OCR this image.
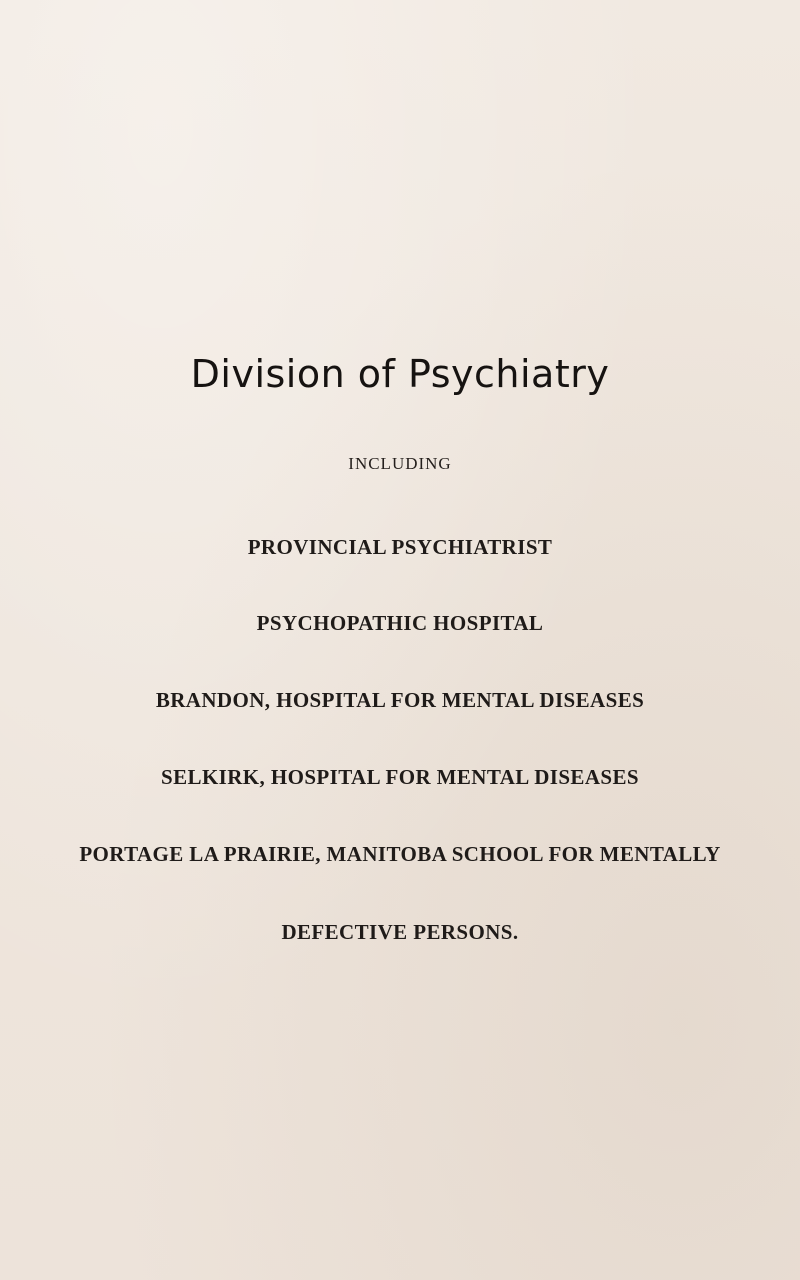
Division of Psychiatry

INCLUDING

PROVINCIAL PSYCHIATRIST

PSYCHOPATHIC HOSPITAL

BRANDON, HOSPITAL FOR MENTAL DISEASES

SELKIRK, HOSPITAL FOR MENTAL DISEASES

PORTAGE LA PRAIRIE, MANITOBA SCHOOL FOR MENTALLY

DEFECTIVE PERSONS.
